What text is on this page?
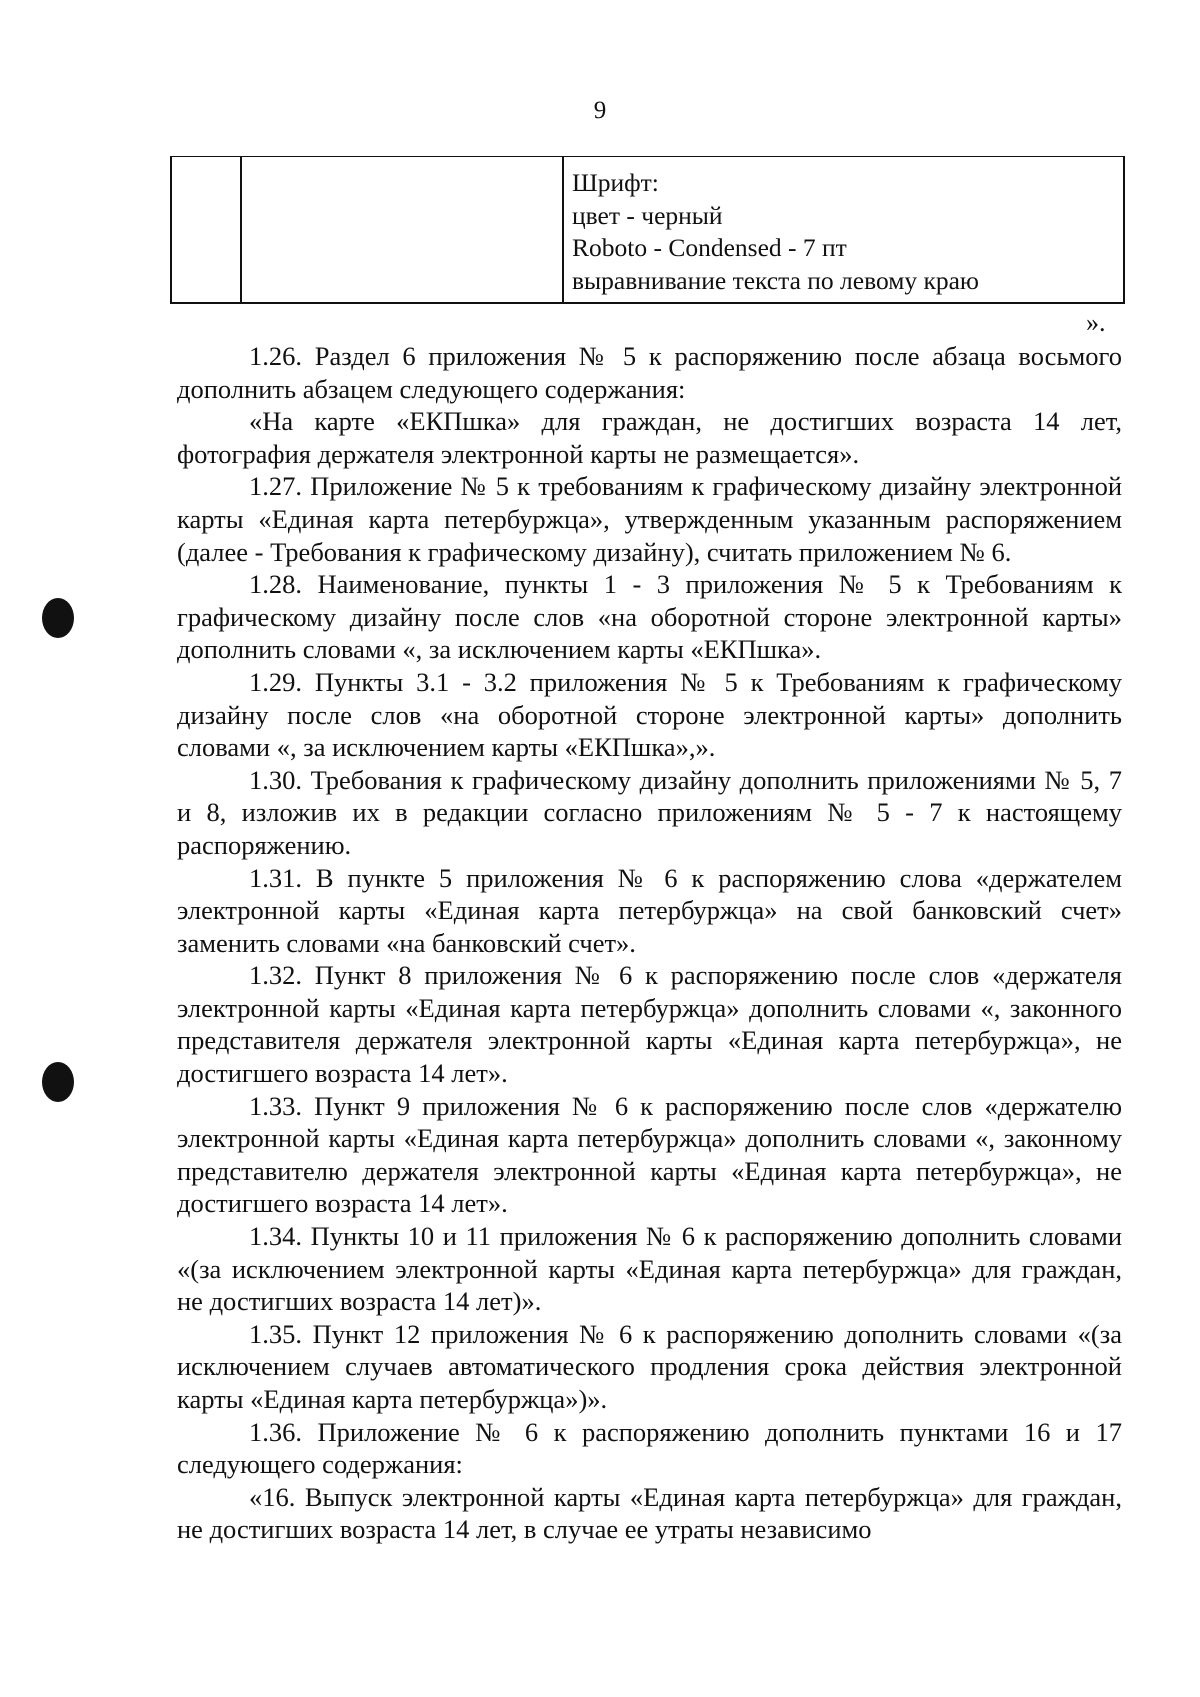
9
Шрифт:
цвет - черный
Roboto - Condensed - 7 пт
выравнивание текста по левому краю
».

1.26. Раздел 6 приложения № 5 к распоряжению после абзаца восьмого дополнить абзацем следующего содержания:

«На карте «ЕКПшка» для граждан, не достигших возраста 14 лет, фотография держателя электронной карты не размещается».

1.27. Приложение № 5 к требованиям к графическому дизайну электронной карты «Единая карта петербуржца», утвержденным указанным распоряжением (далее - Требования к графическому дизайну), считать приложением № 6.

1.28. Наименование, пункты 1 - 3 приложения № 5 к Требованиям к графическому дизайну после слов «на оборотной стороне электронной карты» дополнить словами «, за исключением карты «ЕКПшка».

1.29. Пункты 3.1 - 3.2 приложения № 5 к Требованиям к графическому дизайну после слов «на оборотной стороне электронной карты» дополнить словами «, за исключением карты «ЕКПшка»,».

1.30. Требования к графическому дизайну дополнить приложениями № 5, 7 и 8, изложив их в редакции согласно приложениям № 5 - 7 к настоящему распоряжению.

1.31. В пункте 5 приложения № 6 к распоряжению слова «держателем электронной карты «Единая карта петербуржца» на свой банковский счет» заменить словами «на банковский счет».

1.32. Пункт 8 приложения № 6 к распоряжению после слов «держателя электронной карты «Единая карта петербуржца» дополнить словами «, законного представителя держателя электронной карты «Единая карта петербуржца», не достигшего возраста 14 лет».

1.33. Пункт 9 приложения № 6 к распоряжению после слов «держателю электронной карты «Единая карта петербуржца» дополнить словами «, законному представителю держателя электронной карты «Единая карта петербуржца», не достигшего возраста 14 лет».

1.34. Пункты 10 и 11 приложения № 6 к распоряжению дополнить словами «(за исключением электронной карты «Единая карта петербуржца» для граждан, не достигших возраста 14 лет)».

1.35. Пункт 12 приложения № 6 к распоряжению дополнить словами «(за исключением случаев автоматического продления срока действия электронной карты «Единая карта петербуржца»)».

1.36. Приложение № 6 к распоряжению дополнить пунктами 16 и 17 следующего содержания:

«16. Выпуск электронной карты «Единая карта петербуржца» для граждан, не достигших возраста 14 лет, в случае ее утраты независимо
